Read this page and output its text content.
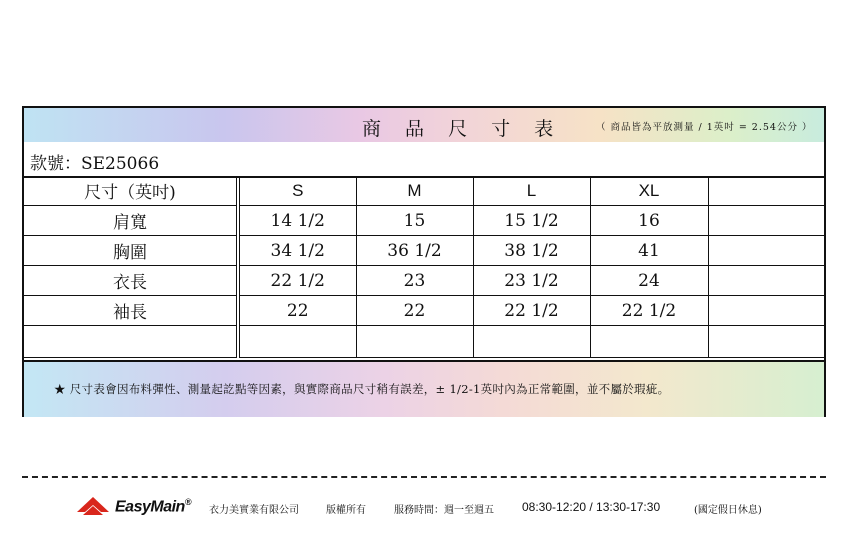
商 品 尺 寸 表	（ 商品皆為平放測量 / 1英吋 = 2.54公分 ）
款號：SE25066
尺寸（英吋)	S	M	L	XL	
肩寬	14 1/2	15	15 1/2	16	
胸圍	34 1/2	36 1/2	38 1/2	41	
衣長	22 1/2	23	23 1/2	24	
袖長	22	22	22 1/2	22 1/2	

★ 尺寸表會因布料彈性、測量起訖點等因素，與實際商品尺寸稍有誤差，± 1/2-1英吋內為正常範圍，並不屬於瑕疵。
EasyMain®
衣力美實業有限公司	版權所有	服務時間：週一至週五 08:30-12:20 / 13:30-17:30	(國定假日休息)
